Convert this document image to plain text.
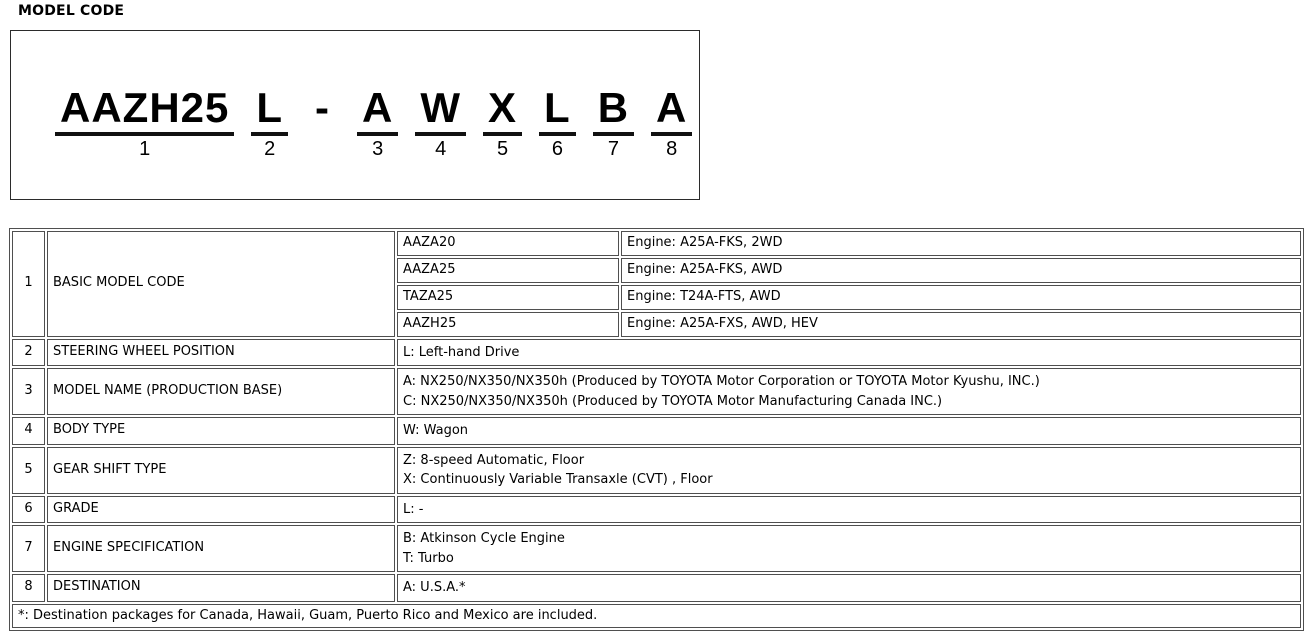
MODEL CODE
AAZH25
1
L
2
- A
3
W
4
X
5
L
6
B
7
A
8
1	BASIC MODEL CODE	AAZA20	Engine: A25A-FKS, 2WD
		AAZA25	Engine: A25A-FKS, AWD
		TAZA25	Engine: T24A-FTS, AWD
		AAZH25	Engine: A25A-FXS, AWD, HEV
2	STEERING WHEEL POSITION	L: Left-hand Drive	

3	MODEL NAME (PRODUCTION BASE)	A: NX250/NX350/NX350h (Produced by TOYOTA Motor Corporation or TOYOTA Motor Kyushu, INC.)
C: NX250/NX350/NX350h (Produced by TOYOTA Motor Manufacturing Canada INC.)	

4	BODY TYPE	W: Wagon	

5	GEAR SHIFT TYPE	Z: 8-speed Automatic, Floor
X: Continuously Variable Transaxle (CVT) , Floor	

6	GRADE	L: -	

7	ENGINE SPECIFICATION	B: Atkinson Cycle Engine
T: Turbo	

8	DESTINATION	A: U.S.A.*	

*: Destination packages for Canada, Hawaii, Guam, Puerto Rico and Mexico are included.			
